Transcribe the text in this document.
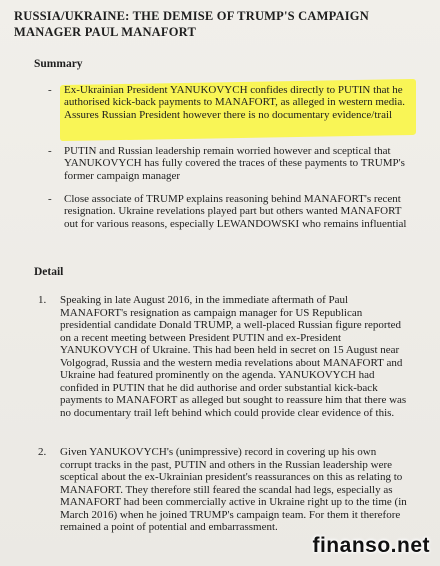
RUSSIA/UKRAINE: THE DEMISE OF TRUMP'S CAMPAIGN MANAGER PAUL MANAFORT
Summary
- Ex-Ukrainian President YANUKOVYCH confides directly to PUTIN that he authorised kick-back payments to MANAFORT, as alleged in western media. Assures Russian President however there is no documentary evidence/trail
- PUTIN and Russian leadership remain worried however and sceptical that YANUKOVYCH has fully covered the traces of these payments to TRUMP's former campaign manager
- Close associate of TRUMP explains reasoning behind MANAFORT's recent resignation. Ukraine revelations played part but others wanted MANAFORT out for various reasons, especially LEWANDOWSKI who remains influential
Detail
1. Speaking in late August 2016, in the immediate aftermath of Paul MANAFORT's resignation as campaign manager for US Republican presidential candidate Donald TRUMP, a well-placed Russian figure reported on a recent meeting between President PUTIN and ex-President YANUKOVYCH of Ukraine. This had been held in secret on 15 August near Volgograd, Russia and the western media revelations about MANAFORT and Ukraine had featured prominently on the agenda. YANUKOVYCH had confided in PUTIN that he did authorise and order substantial kick-back payments to MANAFORT as alleged but sought to reassure him that there was no documentary trail left behind which could provide clear evidence of this.
2. Given YANUKOVYCH's (unimpressive) record in covering up his own corrupt tracks in the past, PUTIN and others in the Russian leadership were sceptical about the ex-Ukrainian president's reassurances on this as relating to MANAFORT. They therefore still feared the scandal had legs, especially as MANAFORT had been commercially active in Ukraine right up to the time (in March 2016) when he joined TRUMP's campaign team. For them it therefore remained a point of potential and embarrassment.
finanso.net
